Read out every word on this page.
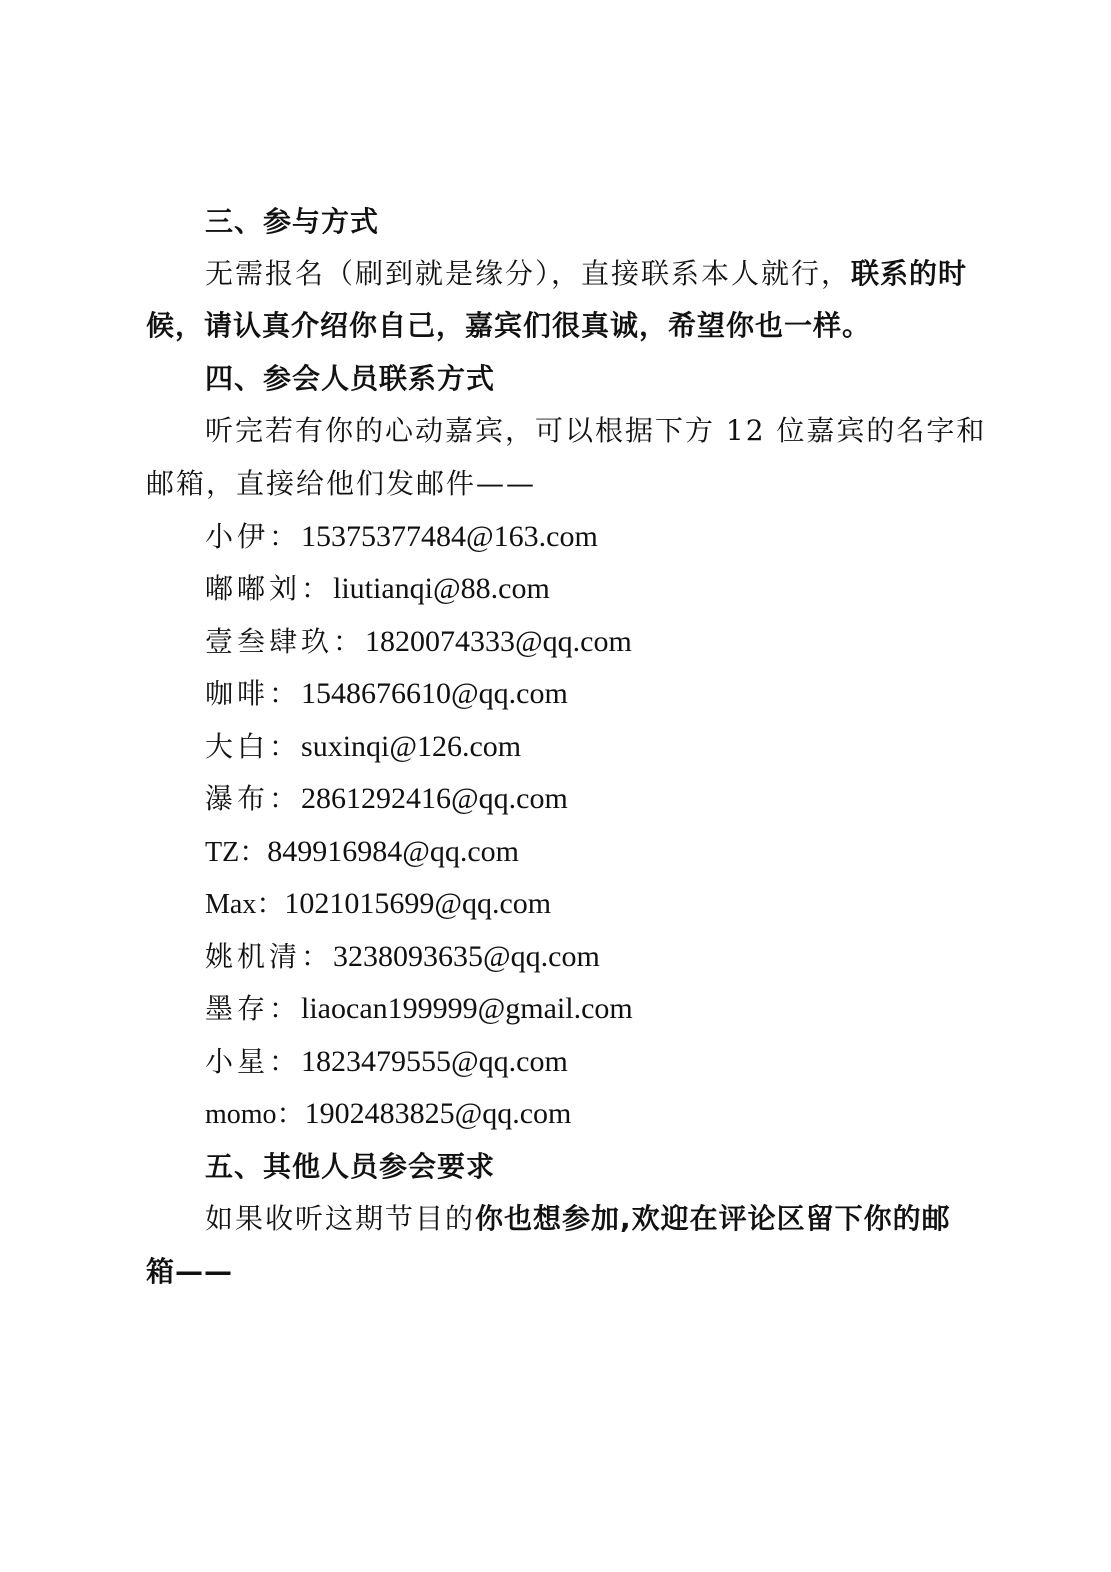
三、参与方式
无需报名（刷到就是缘分），直接联系本人就行，联系的时
候，请认真介绍你自己，嘉宾们很真诚，希望你也一样。
四、参会人员联系方式
听完若有你的心动嘉宾，可以根据下方 12 位嘉宾的名字和
邮箱，直接给他们发邮件——
小伊：15375377484@163.com
嘟嘟刘：liutianqi@88.com
壹叁肆玖：1820074333@qq.com
咖啡：1548676610@qq.com
大白：suxinqi@126.com
瀑布：2861292416@qq.com
TZ：849916984@qq.com
Max：1021015699@qq.com
姚机清：3238093635@qq.com
墨存：liaocan199999@gmail.com
小星：1823479555@qq.com
momo：1902483825@qq.com
五、其他人员参会要求
如果收听这期节目的你也想参加,欢迎在评论区留下你的邮
箱——
